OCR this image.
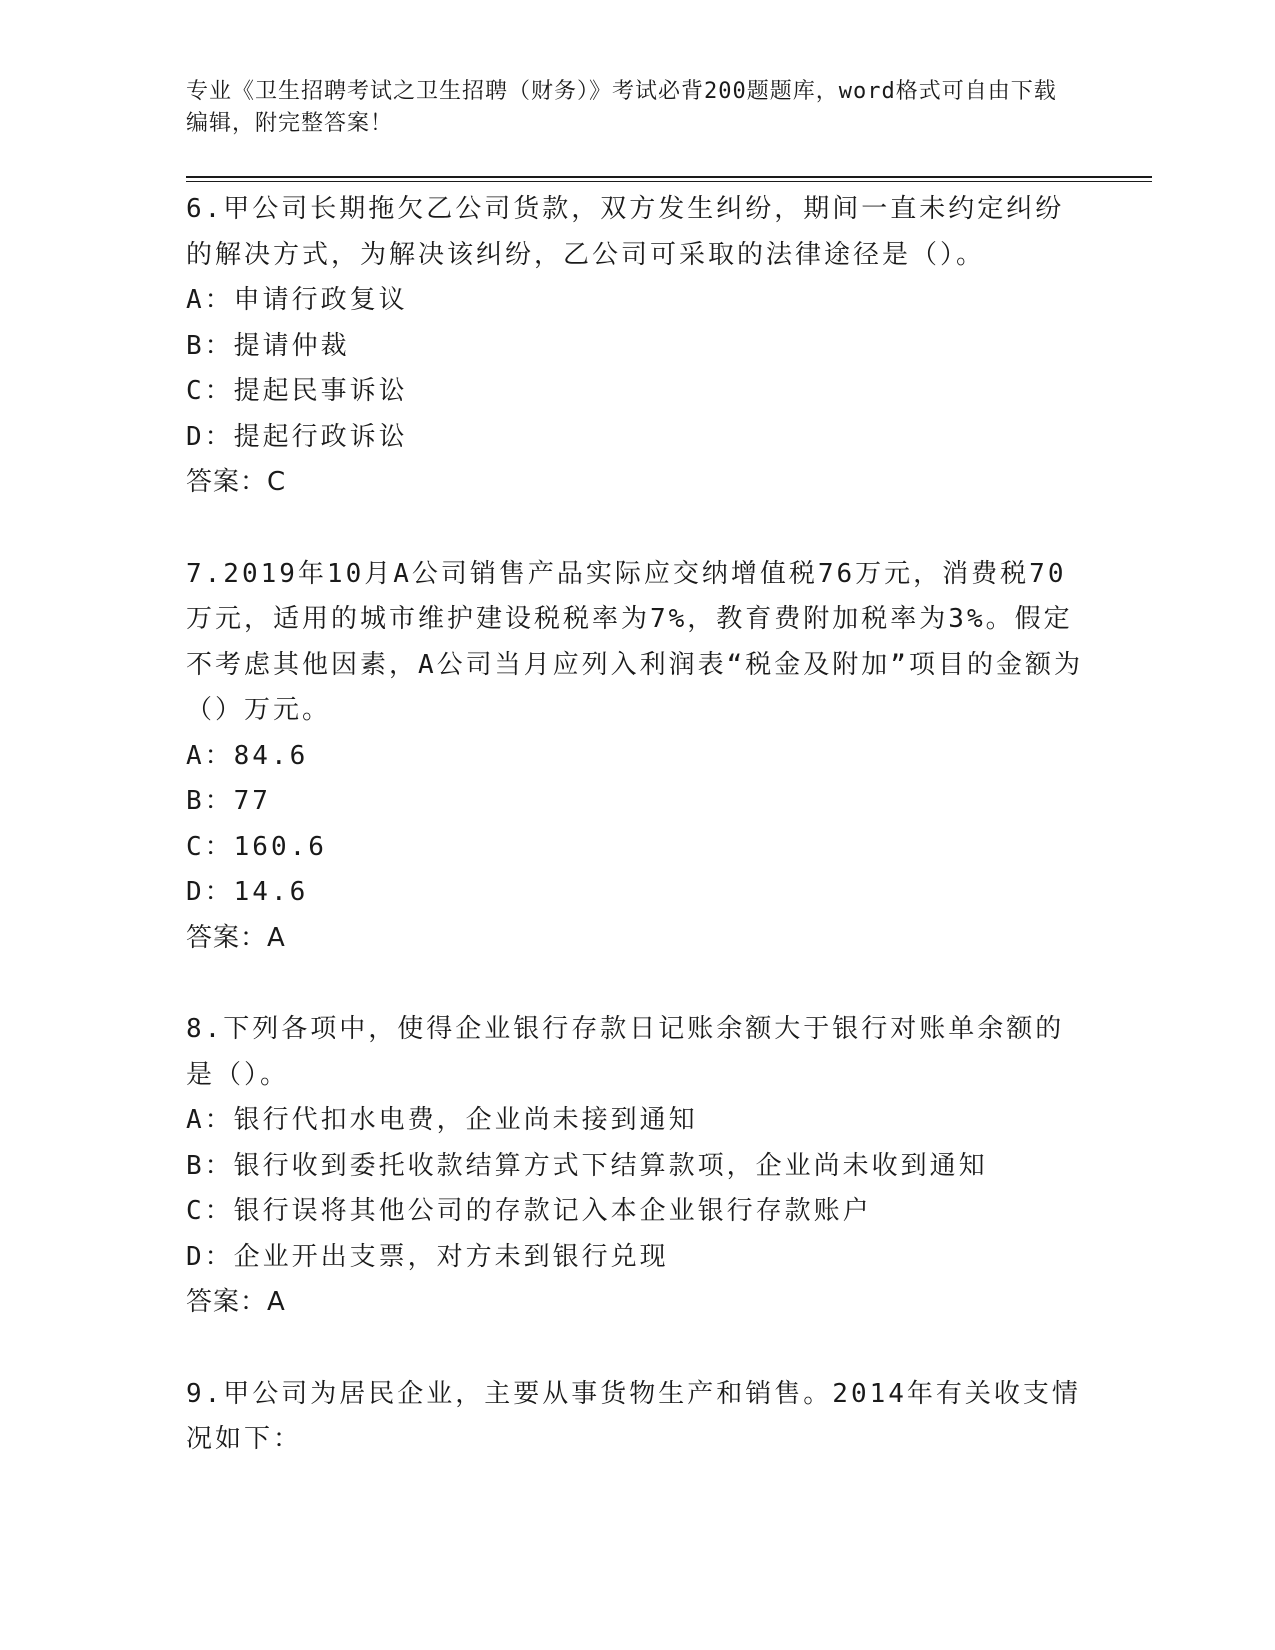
专业《卫生招聘考试之卫生招聘（财务）》考试必背200题题库，word格式可自由下载编辑，附完整答案！

6.甲公司长期拖欠乙公司货款，双方发生纠纷，期间一直未约定纠纷的解决方式，为解决该纠纷，乙公司可采取的法律途径是（）。

A：申请行政复议

B：提请仲裁

C：提起民事诉讼

D：提起行政诉讼

答案：C

7.2019年10月A公司销售产品实际应交纳增值税76万元，消费税70万元，适用的城市维护建设税税率为7%，教育费附加税率为3%。假定不考虑其他因素，A公司当月应列入利润表“税金及附加”项目的金额为（）万元。

A：84.6

B：77

C：160.6

D：14.6

答案：A

8.下列各项中，使得企业银行存款日记账余额大于银行对账单余额的是（）。

A：银行代扣水电费，企业尚未接到通知

B：银行收到委托收款结算方式下结算款项，企业尚未收到通知

C：银行误将其他公司的存款记入本企业银行存款账户

D：企业开出支票，对方未到银行兑现

答案：A

9.甲公司为居民企业，主要从事货物生产和销售。2014年有关收支情况如下：
